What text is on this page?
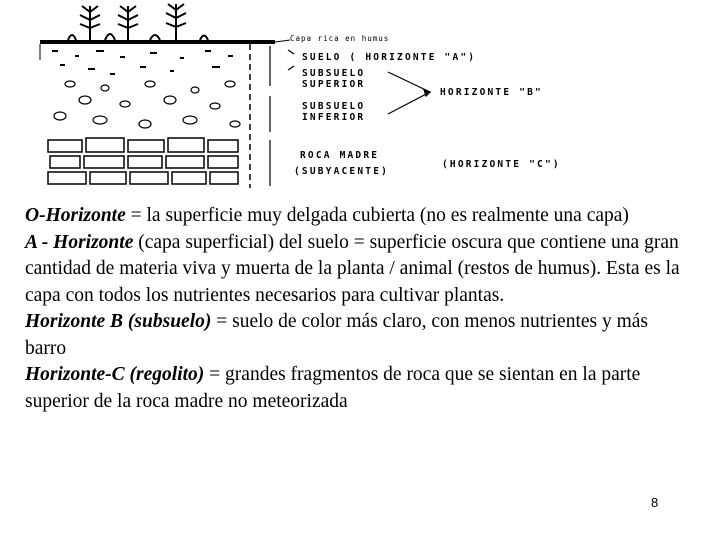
Capa rica en humus
SUELO ( HORIZONTE "A")
SUBSUELO
SUPERIOR
SUBSUELO
INFERIOR
HORIZONTE "B"
ROCA MADRE
(SUBYACENTE)
(HORIZONTE "C")

O-Horizonte = la superficie muy delgada cubierta (no es realmente una capa)

A - Horizonte (capa superficial) del suelo = superficie oscura que contiene una gran cantidad de materia viva y muerta de la planta / animal (restos de humus). Esta es la capa con todos los nutrientes necesarios para cultivar plantas.

Horizonte B (subsuelo) = suelo de color más claro, con menos nutrientes y más barro

Horizonte-C (regolito) = grandes fragmentos de roca que se sientan en la parte superior de la roca madre no meteorizada

8
